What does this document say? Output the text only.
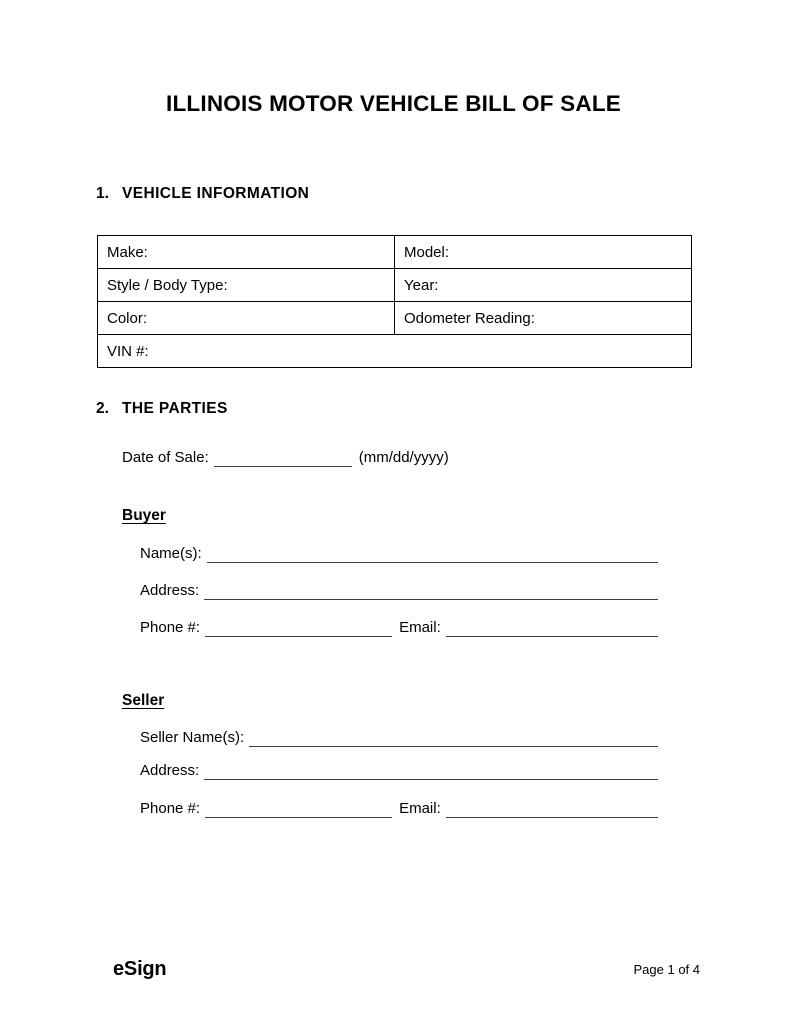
ILLINOIS MOTOR VEHICLE BILL OF SALE
1. VEHICLE INFORMATION
Make:	Model:
Style / Body Type:	Year:
Color:	Odometer Reading:
VIN #:	
2. THE PARTIES
Date of Sale:	(mm/dd/yyyy)
Buyer
Name(s):
Address:
Phone #:	Email:
Seller
Seller Name(s):
Address:
Phone #:	Email:
eSign	Page 1 of 4
